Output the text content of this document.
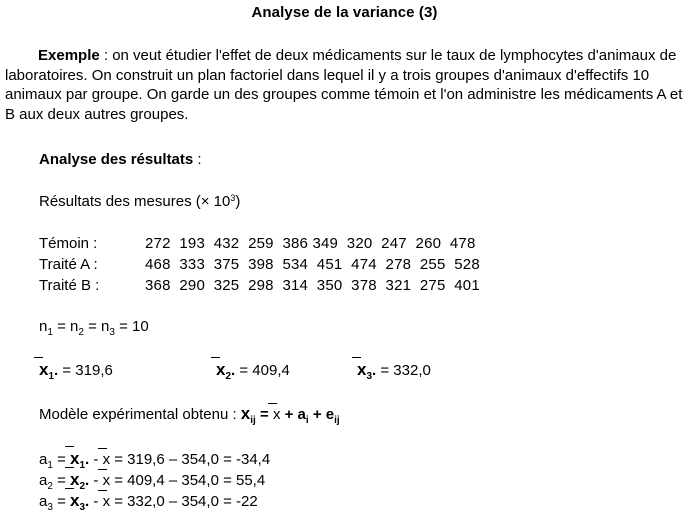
Analyse de la variance (3)
Exemple : on veut étudier l'effet de deux médicaments sur le taux de lymphocytes d'animaux de laboratoires. On construit un plan factoriel dans lequel il y a trois groupes d'animaux d'effectifs 10 animaux par groupe. On garde un des groupes comme témoin et l'on administre les médicaments A et B aux deux autres groupes.
Analyse des résultats :
Résultats des mesures (× $10^3$)
Témoin :	272  193  432  259  386 349  320  247  260  478
Traité A :	468  333  375  398  534  451  474  278  255  528
Traité B :	368  290  325  298  314  350  378  321  275  401
$n_1 = n_2 = n_3 = 10$
$x_1$. = 319,6	$x_2$. = 409,4	$x_3$. = 332,0
Modèle expérimental obtenu : $x_{ij} = x + a_i + e_{ij}$
$a_1 = x_1$. - x = 319,6 – 354,0 = -34,4
$a_2 = x_2$. - x = 409,4 – 354,0 = 55,4
$a_3 = x_3$. - x = 332,0 – 354,0 = -22
